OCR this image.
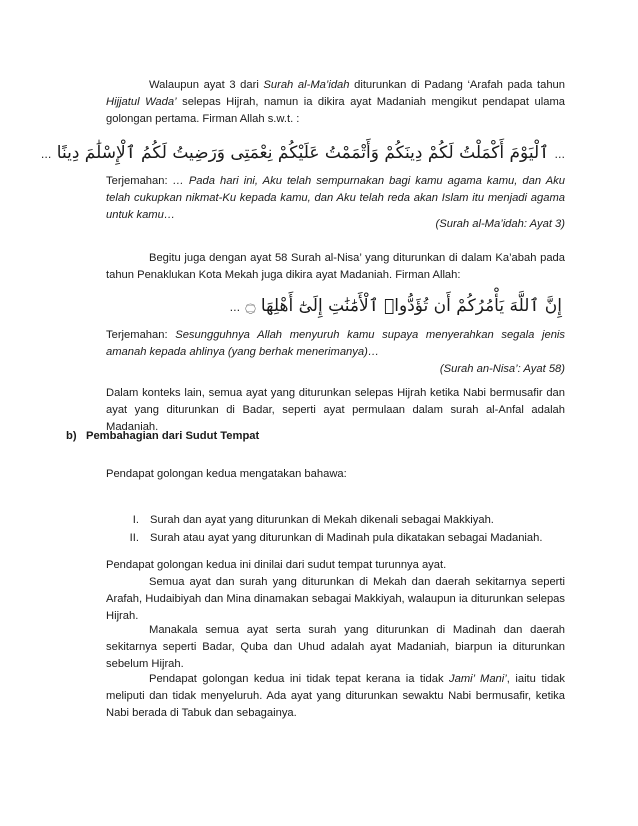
Walaupun ayat 3 dari Surah al-Ma’idah diturunkan di Padang ‘Arafah pada tahun Hijjatul Wada’ selepas Hijrah, namun ia dikira ayat Madaniah mengikut pendapat ulama golongan pertama. Firman Allah s.w.t. :

... ٱلْيَوْمَ أَكْمَلْتُ لَكُمْ دِينَكُمْ وَأَتْمَمْتُ عَلَيْكُمْ نِعْمَتِى وَرَضِيتُ لَكُمُ ٱلْإِسْلَٰمَ دِينًا ...

Terjemahan: … Pada hari ini, Aku telah sempurnakan bagi kamu agama kamu, dan Aku telah cukupkan nikmat-Ku kepada kamu, dan Aku telah reda akan Islam itu menjadi agama untuk kamu…

(Surah al-Ma’idah: Ayat 3)

Begitu juga dengan ayat 58 Surah al-Nisa’ yang diturunkan di dalam Ka’abah pada tahun Penaklukan Kota Mekah juga dikira ayat Madaniah. Firman Allah:

إِنَّ ٱللَّهَ يَأْمُرُكُمْ أَن تُؤَدُّوا۟ ٱلْأَمَٰنَٰتِ إِلَىٰٓ أَهْلِهَا ۝ ...

Terjemahan: Sesungguhnya Allah menyuruh kamu supaya menyerahkan segala jenis amanah kepada ahlinya (yang berhak menerimanya)…

(Surah an-Nisa’: Ayat 58)

Dalam konteks lain, semua ayat yang diturunkan selepas Hijrah ketika Nabi bermusafir dan ayat yang diturunkan di Badar, seperti ayat permulaan dalam surah al-Anfal adalah Madaniah.

b) Pembahagian dari Sudut Tempat

Pendapat golongan kedua mengatakan bahawa:

I. Surah dan ayat yang diturunkan di Mekah dikenali sebagai Makkiyah.
II. Surah atau ayat yang diturunkan di Madinah pula dikatakan sebagai Madaniah.

Pendapat golongan kedua ini dinilai dari sudut tempat turunnya ayat.

Semua ayat dan surah yang diturunkan di Mekah dan daerah sekitarnya seperti Arafah, Hudaibiyah dan Mina dinamakan sebagai Makkiyah, walaupun ia diturunkan selepas Hijrah.

Manakala semua ayat serta surah yang diturunkan di Madinah dan daerah sekitarnya seperti Badar, Quba dan Uhud adalah ayat Madaniah, biarpun ia diturunkan sebelum Hijrah.

Pendapat golongan kedua ini tidak tepat kerana ia tidak Jami’ Mani’, iaitu tidak meliputi dan tidak menyeluruh. Ada ayat yang diturunkan sewaktu Nabi bermusafir, ketika Nabi berada di Tabuk dan sebagainya.
